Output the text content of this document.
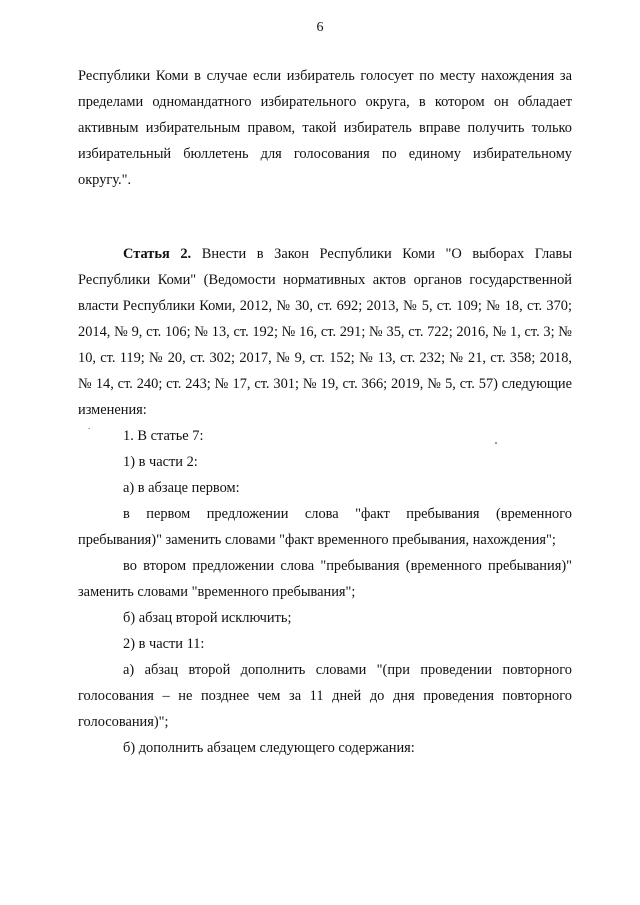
6
.

Республики Коми в случае если избиратель голосует по месту нахождения за пределами одномандатного избирательного округа, в котором он обладает активным избирательным правом, такой избиратель вправе получить только избирательный бюллетень для голосования по единому избирательному округу.".

Статья 2. Внести в Закон Республики Коми "О выборах Главы Республики Коми" (Ведомости нормативных актов органов государственной власти Республики Коми, 2012, № 30, ст. 692; 2013, № 5, ст. 109; № 18, ст. 370; 2014, № 9, ст. 106; № 13, ст. 192; № 16, ст. 291; № 35, ст. 722; 2016, № 1, ст. 3; № 10, ст. 119; № 20, ст. 302; 2017, № 9, ст. 152; № 13, ст. 232; № 21, ст. 358; 2018, № 14, ст. 240; ст. 243; № 17, ст. 301; № 19, ст. 366; 2019, № 5, ст. 57) следующие изменения:

1. В статье 7:

1) в части 2:

а) в абзаце первом:

в первом предложении слова "факт пребывания (временного пребывания)" заменить словами "факт временного пребывания, нахождения";

во втором предложении слова "пребывания (временного пребывания)" заменить словами "временного пребывания";

б) абзац второй исключить;

2) в части 11:

а) абзац второй дополнить словами "(при проведении повторного голосования – не позднее чем за 11 дней до дня проведения повторного голосования)";

б) дополнить абзацем следующего содержания:
